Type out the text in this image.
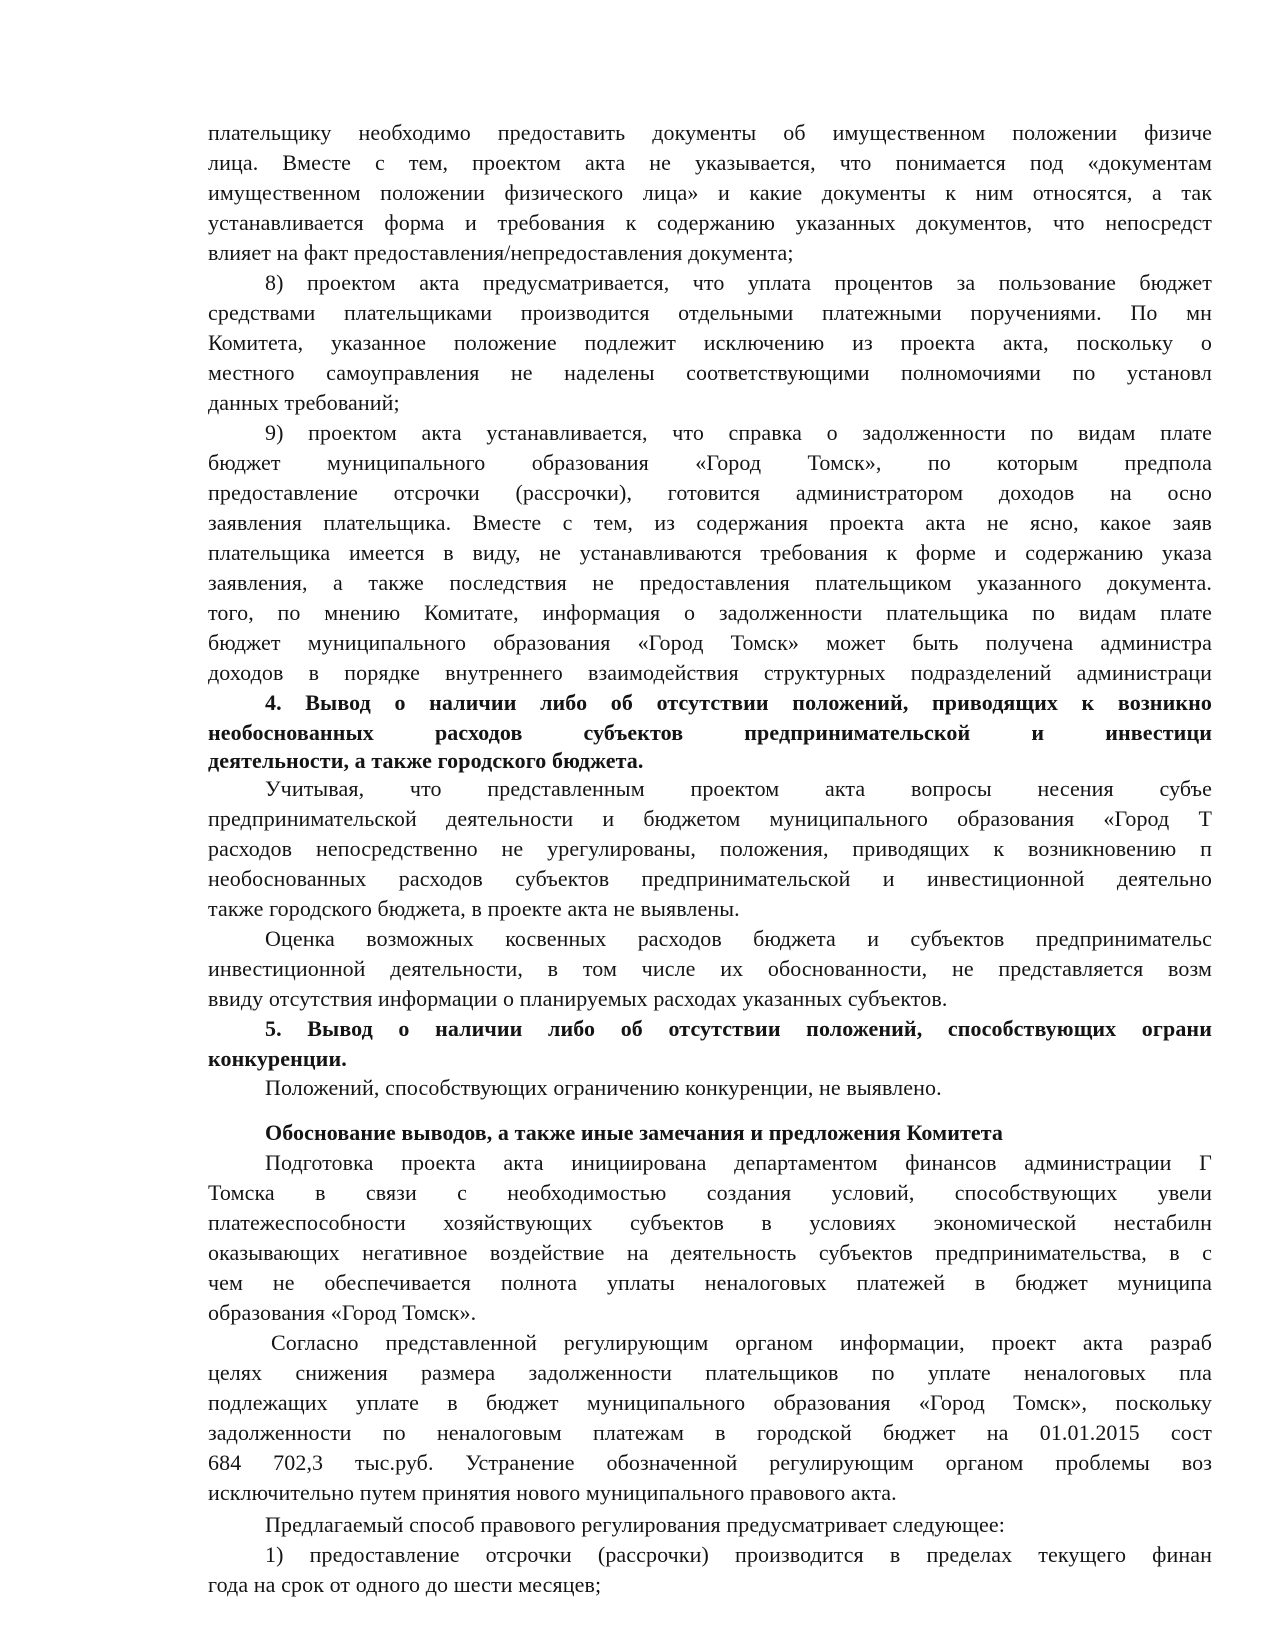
плательщику необходимо предоставить документы об имущественном положении физиче
лица. Вместе с тем, проектом акта не указывается, что понимается под «документам
имущественном положении физического лица» и какие документы к ним относятся, а так
устанавливается форма и требования к содержанию указанных документов, что непосредст
влияет на факт предоставления/непредоставления документа;
8) проектом акта предусматривается, что уплата процентов за пользование бюджет
средствами плательщиками производится отдельными платежными поручениями. По мн
Комитета, указанное положение подлежит исключению из проекта акта, поскольку о
местного самоуправления не наделены соответствующими полномочиями по установл
данных требований;
9) проектом акта устанавливается, что справка о задолженности по видам плате
бюджет муниципального образования «Город Томск», по которым предпола
предоставление отсрочки (рассрочки), готовится администратором доходов на осно
заявления плательщика. Вместе с тем, из содержания проекта акта не ясно, какое заяв
плательщика имеется в виду, не устанавливаются требования к форме и содержанию указа
заявления, а также последствия не предоставления плательщиком указанного документа.
того, по мнению Комитате, информация о задолженности плательщика по видам плате
бюджет муниципального образования «Город Томск» может быть получена администра
доходов в порядке внутреннего взаимодействия структурных подразделений администраци
4. Вывод о наличии либо об отсутствии положений, приводящих к возникно
необоснованных расходов субъектов предпринимательской и инвестици
деятельности, а также городского бюджета.
Учитывая, что представленным проектом акта вопросы несения субъе
предпринимательской деятельности и бюджетом муниципального образования «Город Т
расходов непосредственно не урегулированы, положения, приводящих к возникновению п
необоснованных расходов субъектов предпринимательской и инвестиционной деятельно
также городского бюджета, в проекте акта не выявлены.
Оценка возможных косвенных расходов бюджета и субъектов предпринимательс
инвестиционной деятельности, в том числе их обоснованности, не представляется возм
ввиду отсутствия информации о планируемых расходах указанных субъектов.
5. Вывод о наличии либо об отсутствии положений, способствующих ограни
конкуренции.
Положений, способствующих ограничению конкуренции, не выявлено.
Обоснование выводов, а также иные замечания и предложения Комитета
Подготовка проекта акта инициирована департаментом финансов администрации Г
Томска в связи с необходимостью создания условий, способствующих увели
платежеспособности хозяйствующих субъектов в условиях экономической нестабилн
оказывающих негативное воздействие на деятельность субъектов предпринимательства, в с
чем не обеспечивается полнота уплаты неналоговых платежей в бюджет муниципа
образования «Город Томск».
Согласно представленной регулирующим органом информации, проект акта разраб
целях снижения размера задолженности плательщиков по уплате неналоговых пла
подлежащих уплате в бюджет муниципального образования «Город Томск», поскольку
задолженности по неналоговым платежам в городской бюджет на 01.01.2015 сост
684 702,3 тыс.руб. Устранение обозначенной регулирующим органом проблемы воз
исключительно путем принятия нового муниципального правового акта.
Предлагаемый способ правового регулирования предусматривает следующее:
1) предоставление отсрочки (рассрочки) производится в пределах текущего финан
года на срок от одного до шести месяцев;
